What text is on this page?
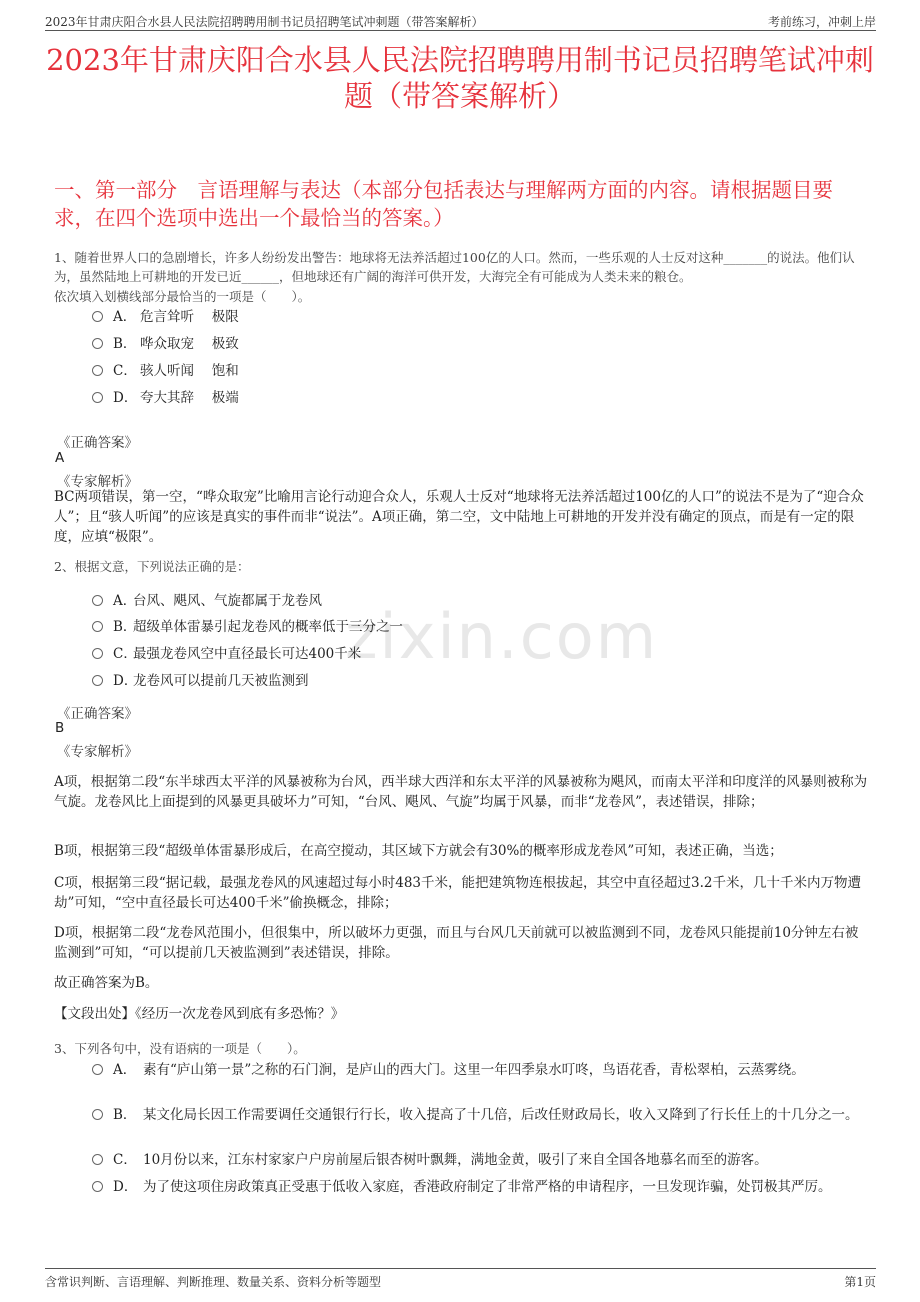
2023年甘肃庆阳合水县人民法院招聘聘用制书记员招聘笔试冲刺题（带答案解析）	考前练习，冲刺上岸
2023年甘肃庆阳合水县人民法院招聘聘用制书记员招聘笔试冲刺题（带答案解析）
一、第一部分　言语理解与表达（本部分包括表达与理解两方面的内容。请根据题目要求，在四个选项中选出一个最恰当的答案。）
zixin.com
1、随着世界人口的急剧增长，许多人纷纷发出警告：地球将无法养活超过100亿的人口。然而，一些乐观的人士反对这种_______的说法。他们认为，虽然陆地上可耕地的开发已近______，但地球还有广阔的海洋可供开发，大海完全有可能成为人类未来的粮仓。
依次填入划横线部分最恰当的一项是（　　）。
A． 危言耸听　 极限
B． 哗众取宠　 极致
C． 骇人听闻　 饱和
D． 夸大其辞　 极端
《正确答案》
A
《专家解析》
BC两项错误，第一空，“哗众取宠”比喻用言论行动迎合众人，乐观人士反对“地球将无法养活超过100亿的人口”的说法不是为了“迎合众人”；且“骇人听闻”的应该是真实的事件而非“说法”。A项正确，第二空，文中陆地上可耕地的开发并没有确定的顶点，而是有一定的限度，应填“极限”。
2、根据文意，下列说法正确的是：
A．台风、飓风、气旋都属于龙卷风
B．超级单体雷暴引起龙卷风的概率低于三分之一
C．最强龙卷风空中直径最长可达400千米
D．龙卷风可以提前几天被监测到
《正确答案》
B
《专家解析》
A项，根据第二段“东半球西太平洋的风暴被称为台风，西半球大西洋和东太平洋的风暴被称为飓风，而南太平洋和印度洋的风暴则被称为气旋。龙卷风比上面提到的风暴更具破坏力”可知，“台风、飓风、气旋”均属于风暴，而非“龙卷风”，表述错误，排除；
B项，根据第三段“超级单体雷暴形成后，在高空搅动，其区域下方就会有30%的概率形成龙卷风”可知，表述正确，当选；
C项，根据第三段“据记载，最强龙卷风的风速超过每小时483千米，能把建筑物连根拔起，其空中直径超过3.2千米，几十千米内万物遭劫”可知，“空中直径最长可达400千米”偷换概念，排除；
D项，根据第二段“龙卷风范围小，但很集中，所以破坏力更强，而且与台风几天前就可以被监测到不同，龙卷风只能提前10分钟左右被监测到”可知，“可以提前几天被监测到”表述错误，排除。
故正确答案为B。
【文段出处】《经历一次龙卷风到底有多恐怖？》
3、下列各句中，没有语病的一项是（　　）。
A． 素有“庐山第一景”之称的石门涧，是庐山的西大门。这里一年四季泉水叮咚，鸟语花香，青松翠柏，云蒸雾绕。
B． 某文化局长因工作需要调任交通银行行长，收入提高了十几倍，后改任财政局长，收入又降到了行长任上的十几分之一。
C． 10月份以来，江东村家家户户房前屋后银杏树叶飘舞，满地金黄，吸引了来自全国各地慕名而至的游客。
D． 为了使这项住房政策真正受惠于低收入家庭，香港政府制定了非常严格的申请程序，一旦发现诈骗，处罚极其严厉。
含常识判断、言语理解、判断推理、数量关系、资料分析等题型	第1页
